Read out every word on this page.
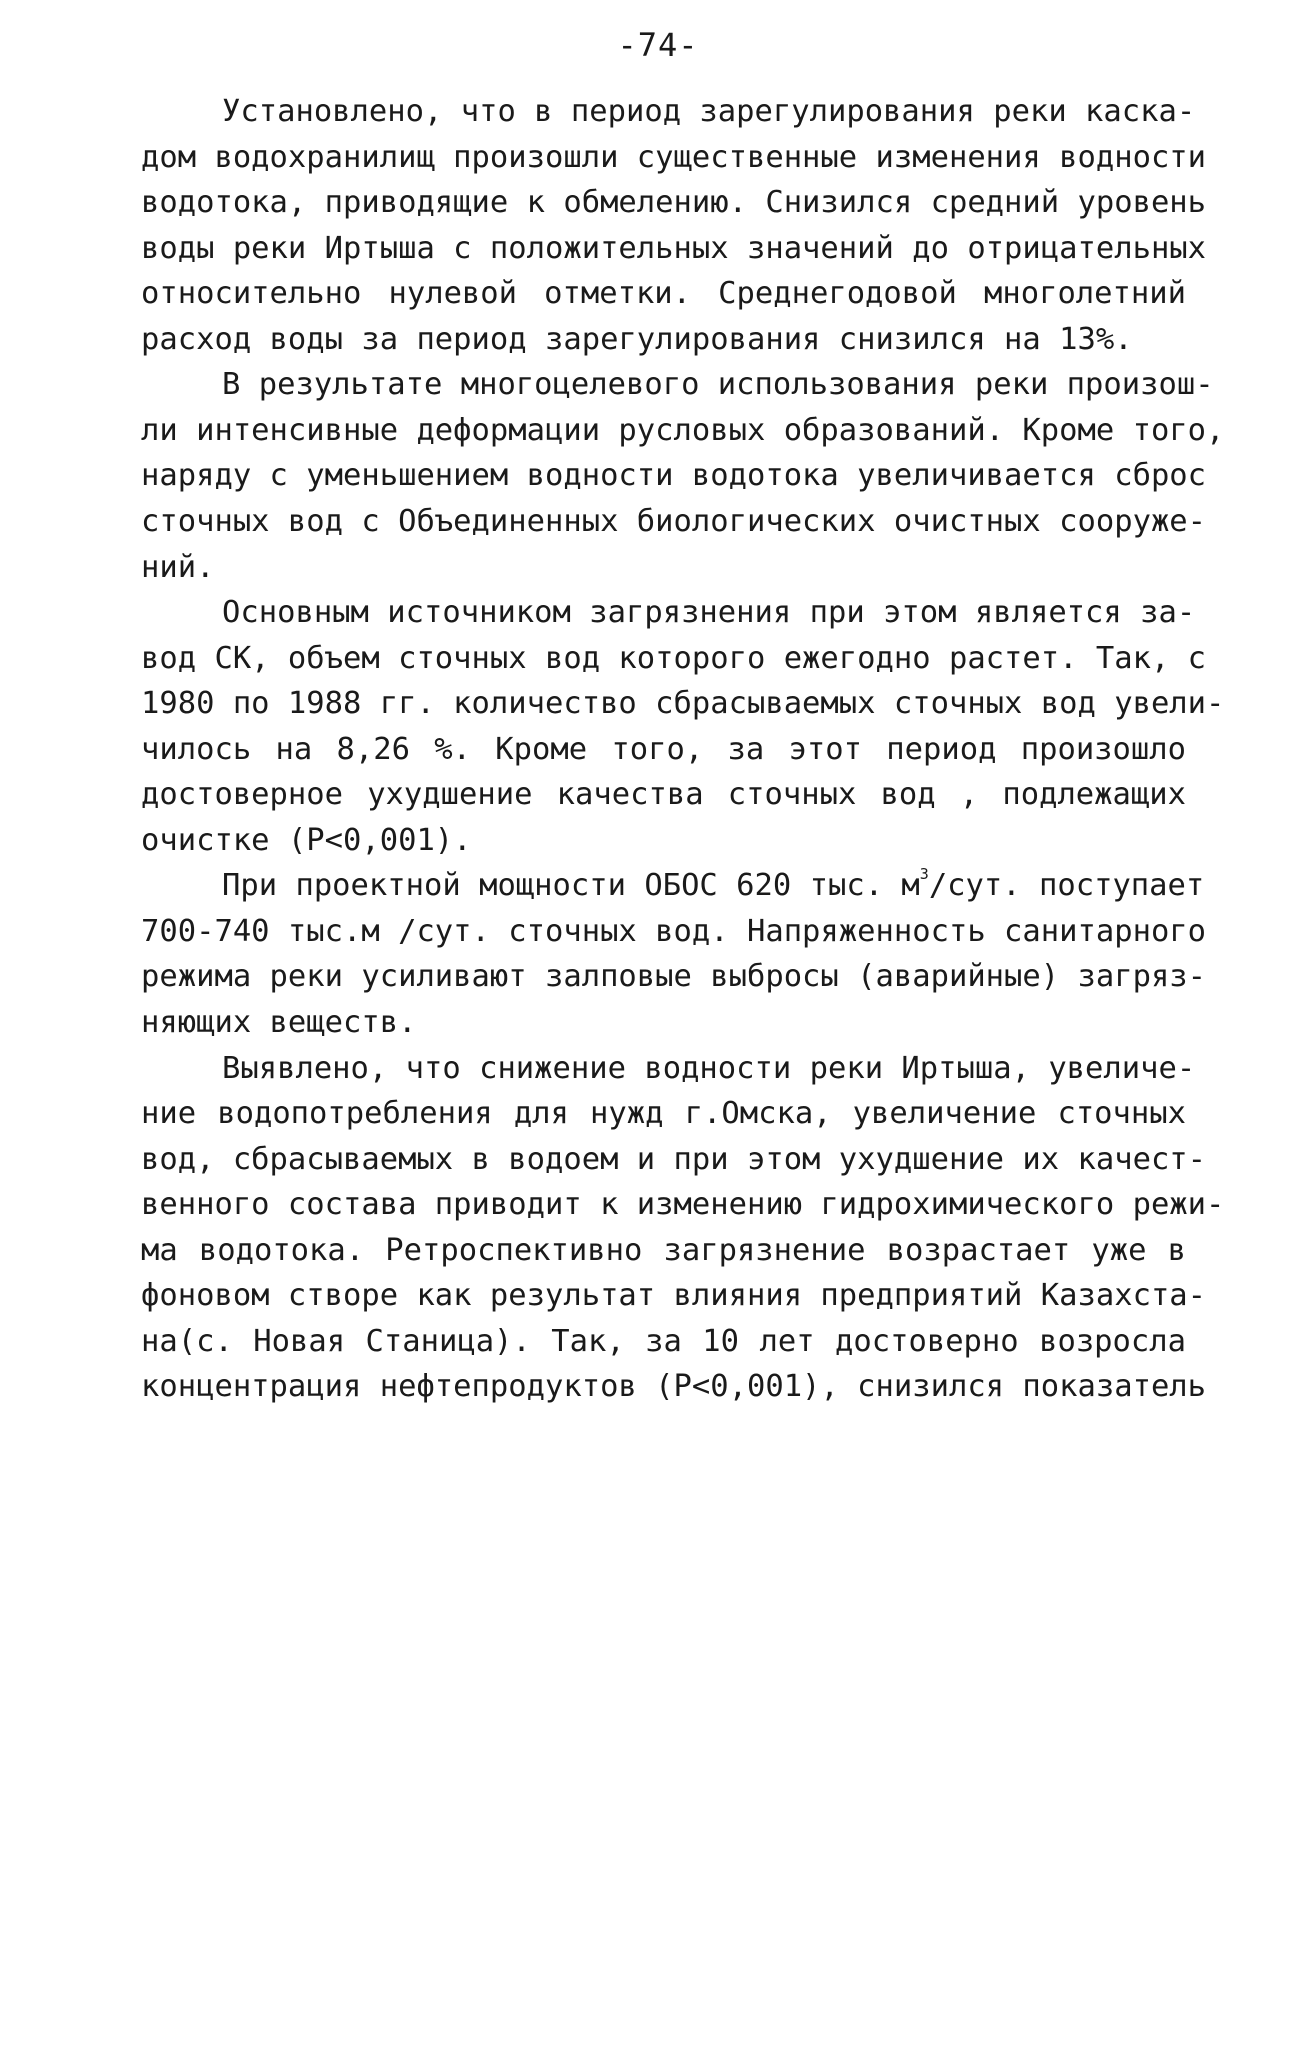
-74-
Установлено, что в период зарегулирования реки каска-
дом водохранилищ произошли существенные изменения водности
водотока, приводящие к обмелению. Снизился средний уровень
воды реки Иртыша с положительных значений до отрицательных
относительно нулевой отметки. Среднегодовой многолетний
расход воды за период зарегулирования снизился на 13%.
В результате многоцелевого использования реки произош-
ли интенсивные деформации русловых образований. Кроме того,
наряду с уменьшением водности водотока увеличивается сброс
сточных вод с Объединенных биологических очистных сооруже-
ний.
Основным источником загрязнения при этом является за-
вод СК, объем сточных вод которого ежегодно растет. Так, с
1980 по 1988 гг. количество сбрасываемых сточных вод увели-
чилось на 8,26 %. Кроме того, за этот период произошло
достоверное ухудшение качества сточных вод , подлежащих
очистке (Р<0,001).
При проектной мощности ОБОС 620 тыс. $м^3$/сут. поступает
700-740 тыс.м /сут. сточных вод. Напряженность санитарного
режима реки усиливают залповые выбросы (аварийные) загряз-
няющих веществ.
Выявлено, что снижение водности реки Иртыша, увеличе-
ние водопотребления для нужд г.Омска, увеличение сточных
вод, сбрасываемых в водоем и при этом ухудшение их качест-
венного состава приводит к изменению гидрохимического режи-
ма водотока. Ретроспективно загрязнение возрастает уже в
фоновом створе как результат влияния предприятий Казахста-
на(с. Новая Станица). Так, за 10 лет достоверно возросла
концентрация нефтепродуктов (Р<0,001), снизился показатель
